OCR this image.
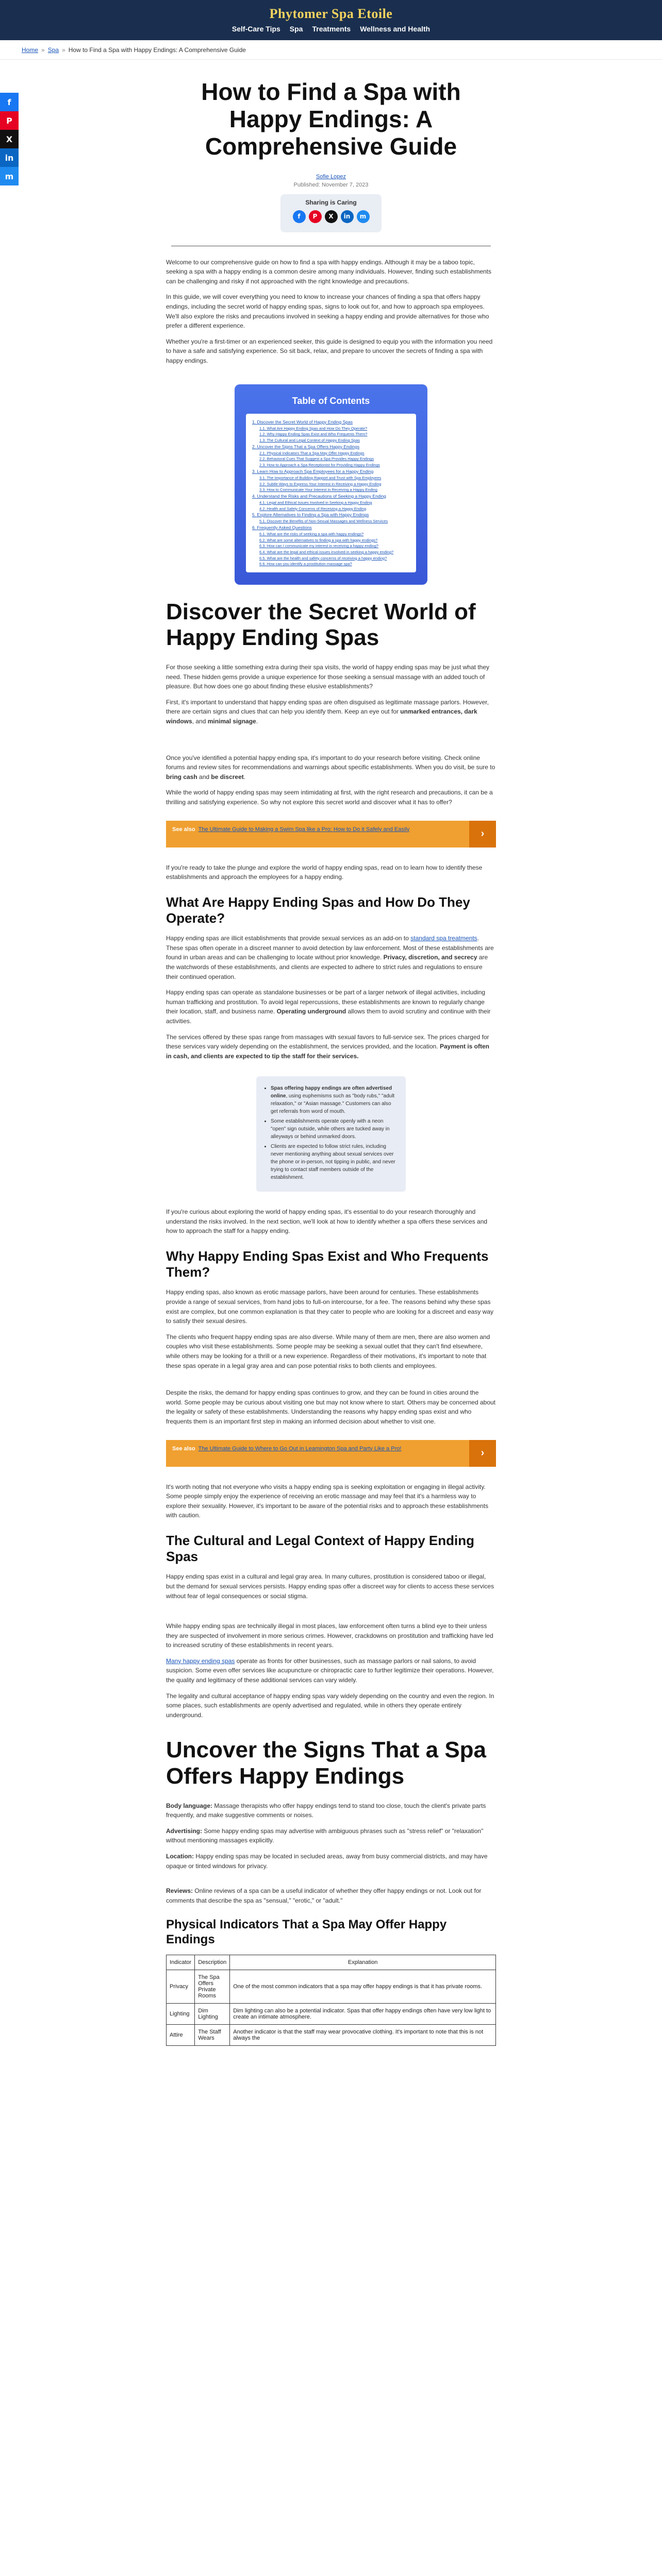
Phytomer Spa Etoile
Self-Care Tips Spa Treatments Wellness and Health
Home » Spa » How to Find a Spa with Happy Endings: A Comprehensive Guide
f
P
X
in
m
How to Find a Spa with Happy Endings: A Comprehensive Guide
Sofie Lopez
Published: November 7, 2023
Sharing is Caring
f	P	X	in	m

Welcome to our comprehensive guide on how to find a spa with happy endings. Although it may be a taboo topic, seeking a spa with a happy ending is a common desire among many individuals. However, finding such establishments can be challenging and risky if not approached with the right knowledge and precautions.

In this guide, we will cover everything you need to know to increase your chances of finding a spa that offers happy endings, including the secret world of happy ending spas, signs to look out for, and how to approach spa employees. We'll also explore the risks and precautions involved in seeking a happy ending and provide alternatives for those who prefer a different experience.

Whether you're a first-timer or an experienced seeker, this guide is designed to equip you with the information you need to have a safe and satisfying experience. So sit back, relax, and prepare to uncover the secrets of finding a spa with happy endings.

Table of Contents
1. Discover the Secret World of Happy Ending Spas
1.1. What Are Happy Ending Spas and How Do They Operate?
1.2. Why Happy Ending Spas Exist and Who Frequents Them?
1.3. The Cultural and Legal Context of Happy Ending Spas
2. Uncover the Signs That a Spa Offers Happy Endings
2.1. Physical Indicators That a Spa May Offer Happy Endings
2.2. Behavioral Cues That Suggest a Spa Provides Happy Endings
2.3. How to Approach a Spa Receptionist for Providing Happy Endings
3. Learn How to Approach Spa Employees for a Happy Ending
3.1. The Importance of Building Rapport and Trust with Spa Employees
3.2. Subtle Ways to Express Your Interest in Receiving a Happy Ending
3.3. How to Communicate Your Interest in Receiving a Happy Ending
4. Understand the Risks and Precautions of Seeking a Happy Ending
4.1. Legal and Ethical Issues Involved in Seeking a Happy Ending
4.2. Health and Safety Concerns of Receiving a Happy Ending
5. Explore Alternatives to Finding a Spa with Happy Endings
5.1. Discover the Benefits of Non-Sexual Massages and Wellness Services
6. Frequently Asked Questions
6.1. What are the risks of seeking a spa with happy endings?
6.2. What are some alternatives to finding a spa with happy endings?
6.3. How can I communicate my interest in receiving a happy ending?
6.4. What are the legal and ethical issues involved in seeking a happy ending?
6.5. What are the health and safety concerns of receiving a happy ending?
6.6. How can you identify a prostitution massage spa?
Discover the Secret World of Happy Ending Spas

For those seeking a little something extra during their spa visits, the world of happy ending spas may be just what they need. These hidden gems provide a unique experience for those seeking a sensual massage with an added touch of pleasure. But how does one go about finding these elusive establishments?

First, it's important to understand that happy ending spas are often disguised as legitimate massage parlors. However, there are certain signs and clues that can help you identify them. Keep an eye out for unmarked entrances, dark windows, and minimal signage.

Once you've identified a potential happy ending spa, it's important to do your research before visiting. Check online forums and review sites for recommendations and warnings about specific establishments. When you do visit, be sure to bring cash and be discreet.

While the world of happy ending spas may seem intimidating at first, with the right research and precautions, it can be a thrilling and satisfying experience. So why not explore this secret world and discover what it has to offer?

See also The Ultimate Guide to Making a Swim Spa like a Pro: How to Do it Safely and Easily	›

If you're ready to take the plunge and explore the world of happy ending spas, read on to learn how to identify these establishments and approach the employees for a happy ending.

What Are Happy Ending Spas and How Do They Operate?

Happy ending spas are illicit establishments that provide sexual services as an add-on to standard spa treatments. These spas often operate in a discreet manner to avoid detection by law enforcement. Most of these establishments are found in urban areas and can be challenging to locate without prior knowledge. Privacy, discretion, and secrecy are the watchwords of these establishments, and clients are expected to adhere to strict rules and regulations to ensure their continued operation.

Happy ending spas can operate as standalone businesses or be part of a larger network of illegal activities, including human trafficking and prostitution. To avoid legal repercussions, these establishments are known to regularly change their location, staff, and business name. Operating underground allows them to avoid scrutiny and continue with their activities.

The services offered by these spas range from massages with sexual favors to full-service sex. The prices charged for these services vary widely depending on the establishment, the services provided, and the location. Payment is often in cash, and clients are expected to tip the staff for their services.

• Spas offering happy endings are often advertised online, using euphemisms such as "body rubs," "adult relaxation," or "Asian massage." Customers can also get referrals from word of mouth.
• Some establishments operate openly with a neon "open" sign outside, while others are tucked away in alleyways or behind unmarked doors.
• Clients are expected to follow strict rules, including never mentioning anything about sexual services over the phone or in-person, not tipping in public, and never trying to contact staff members outside of the establishment.

If you're curious about exploring the world of happy ending spas, it's essential to do your research thoroughly and understand the risks involved. In the next section, we'll look at how to identify whether a spa offers these services and how to approach the staff for a happy ending.

Why Happy Ending Spas Exist and Who Frequents Them?

Happy ending spas, also known as erotic massage parlors, have been around for centuries. These establishments provide a range of sexual services, from hand jobs to full-on intercourse, for a fee. The reasons behind why these spas exist are complex, but one common explanation is that they cater to people who are looking for a discreet and easy way to satisfy their sexual desires.

The clients who frequent happy ending spas are also diverse. While many of them are men, there are also women and couples who visit these establishments. Some people may be seeking a sexual outlet that they can't find elsewhere, while others may be looking for a thrill or a new experience. Regardless of their motivations, it's important to note that these spas operate in a legal gray area and can pose potential risks to both clients and employees.

Despite the risks, the demand for happy ending spas continues to grow, and they can be found in cities around the world. Some people may be curious about visiting one but may not know where to start. Others may be concerned about the legality or safety of these establishments. Understanding the reasons why happy ending spas exist and who frequents them is an important first step in making an informed decision about whether to visit one.

See also The Ultimate Guide to Where to Go Out in Leamington Spa and Party Like a Pro!	›

It's worth noting that not everyone who visits a happy ending spa is seeking exploitation or engaging in illegal activity. Some people simply enjoy the experience of receiving an erotic massage and may feel that it's a harmless way to explore their sexuality. However, it's important to be aware of the potential risks and to approach these establishments with caution.

The Cultural and Legal Context of Happy Ending Spas

Happy ending spas exist in a cultural and legal gray area. In many cultures, prostitution is considered taboo or illegal, but the demand for sexual services persists. Happy ending spas offer a discreet way for clients to access these services without fear of legal consequences or social stigma.

While happy ending spas are technically illegal in most places, law enforcement often turns a blind eye to their unless they are suspected of involvement in more serious crimes. However, crackdowns on prostitution and trafficking have led to increased scrutiny of these establishments in recent years.

Many happy ending spas operate as fronts for other businesses, such as massage parlors or nail salons, to avoid suspicion. Some even offer services like acupuncture or chiropractic care to further legitimize their operations. However, the quality and legitimacy of these additional services can vary widely.

The legality and cultural acceptance of happy ending spas vary widely depending on the country and even the region. In some places, such establishments are openly advertised and regulated, while in others they operate entirely underground.

Uncover the Signs That a Spa Offers Happy Endings

Body language: Massage therapists who offer happy endings tend to stand too close, touch the client's private parts frequently, and make suggestive comments or noises.

Advertising: Some happy ending spas may advertise with ambiguous phrases such as "stress relief" or "relaxation" without mentioning massages explicitly.

Location: Happy ending spas may be located in secluded areas, away from busy commercial districts, and may have opaque or tinted windows for privacy.

Reviews: Online reviews of a spa can be a useful indicator of whether they offer happy endings or not. Look out for comments that describe the spa as "sensual," "erotic," or "adult."

Physical Indicators That a Spa May Offer Happy Endings
Indicator	Description	Explanation
Privacy	The Spa Offers Private Rooms	One of the most common indicators that a spa may offer happy endings is that it has private rooms.
Lighting	Dim Lighting	Dim lighting can also be a potential indicator. Spas that offer happy endings often have very low light to create an intimate atmosphere.
Attire	The Staff Wears	Another indicator is that the staff may wear provocative clothing. It's important to note that this is not always the
